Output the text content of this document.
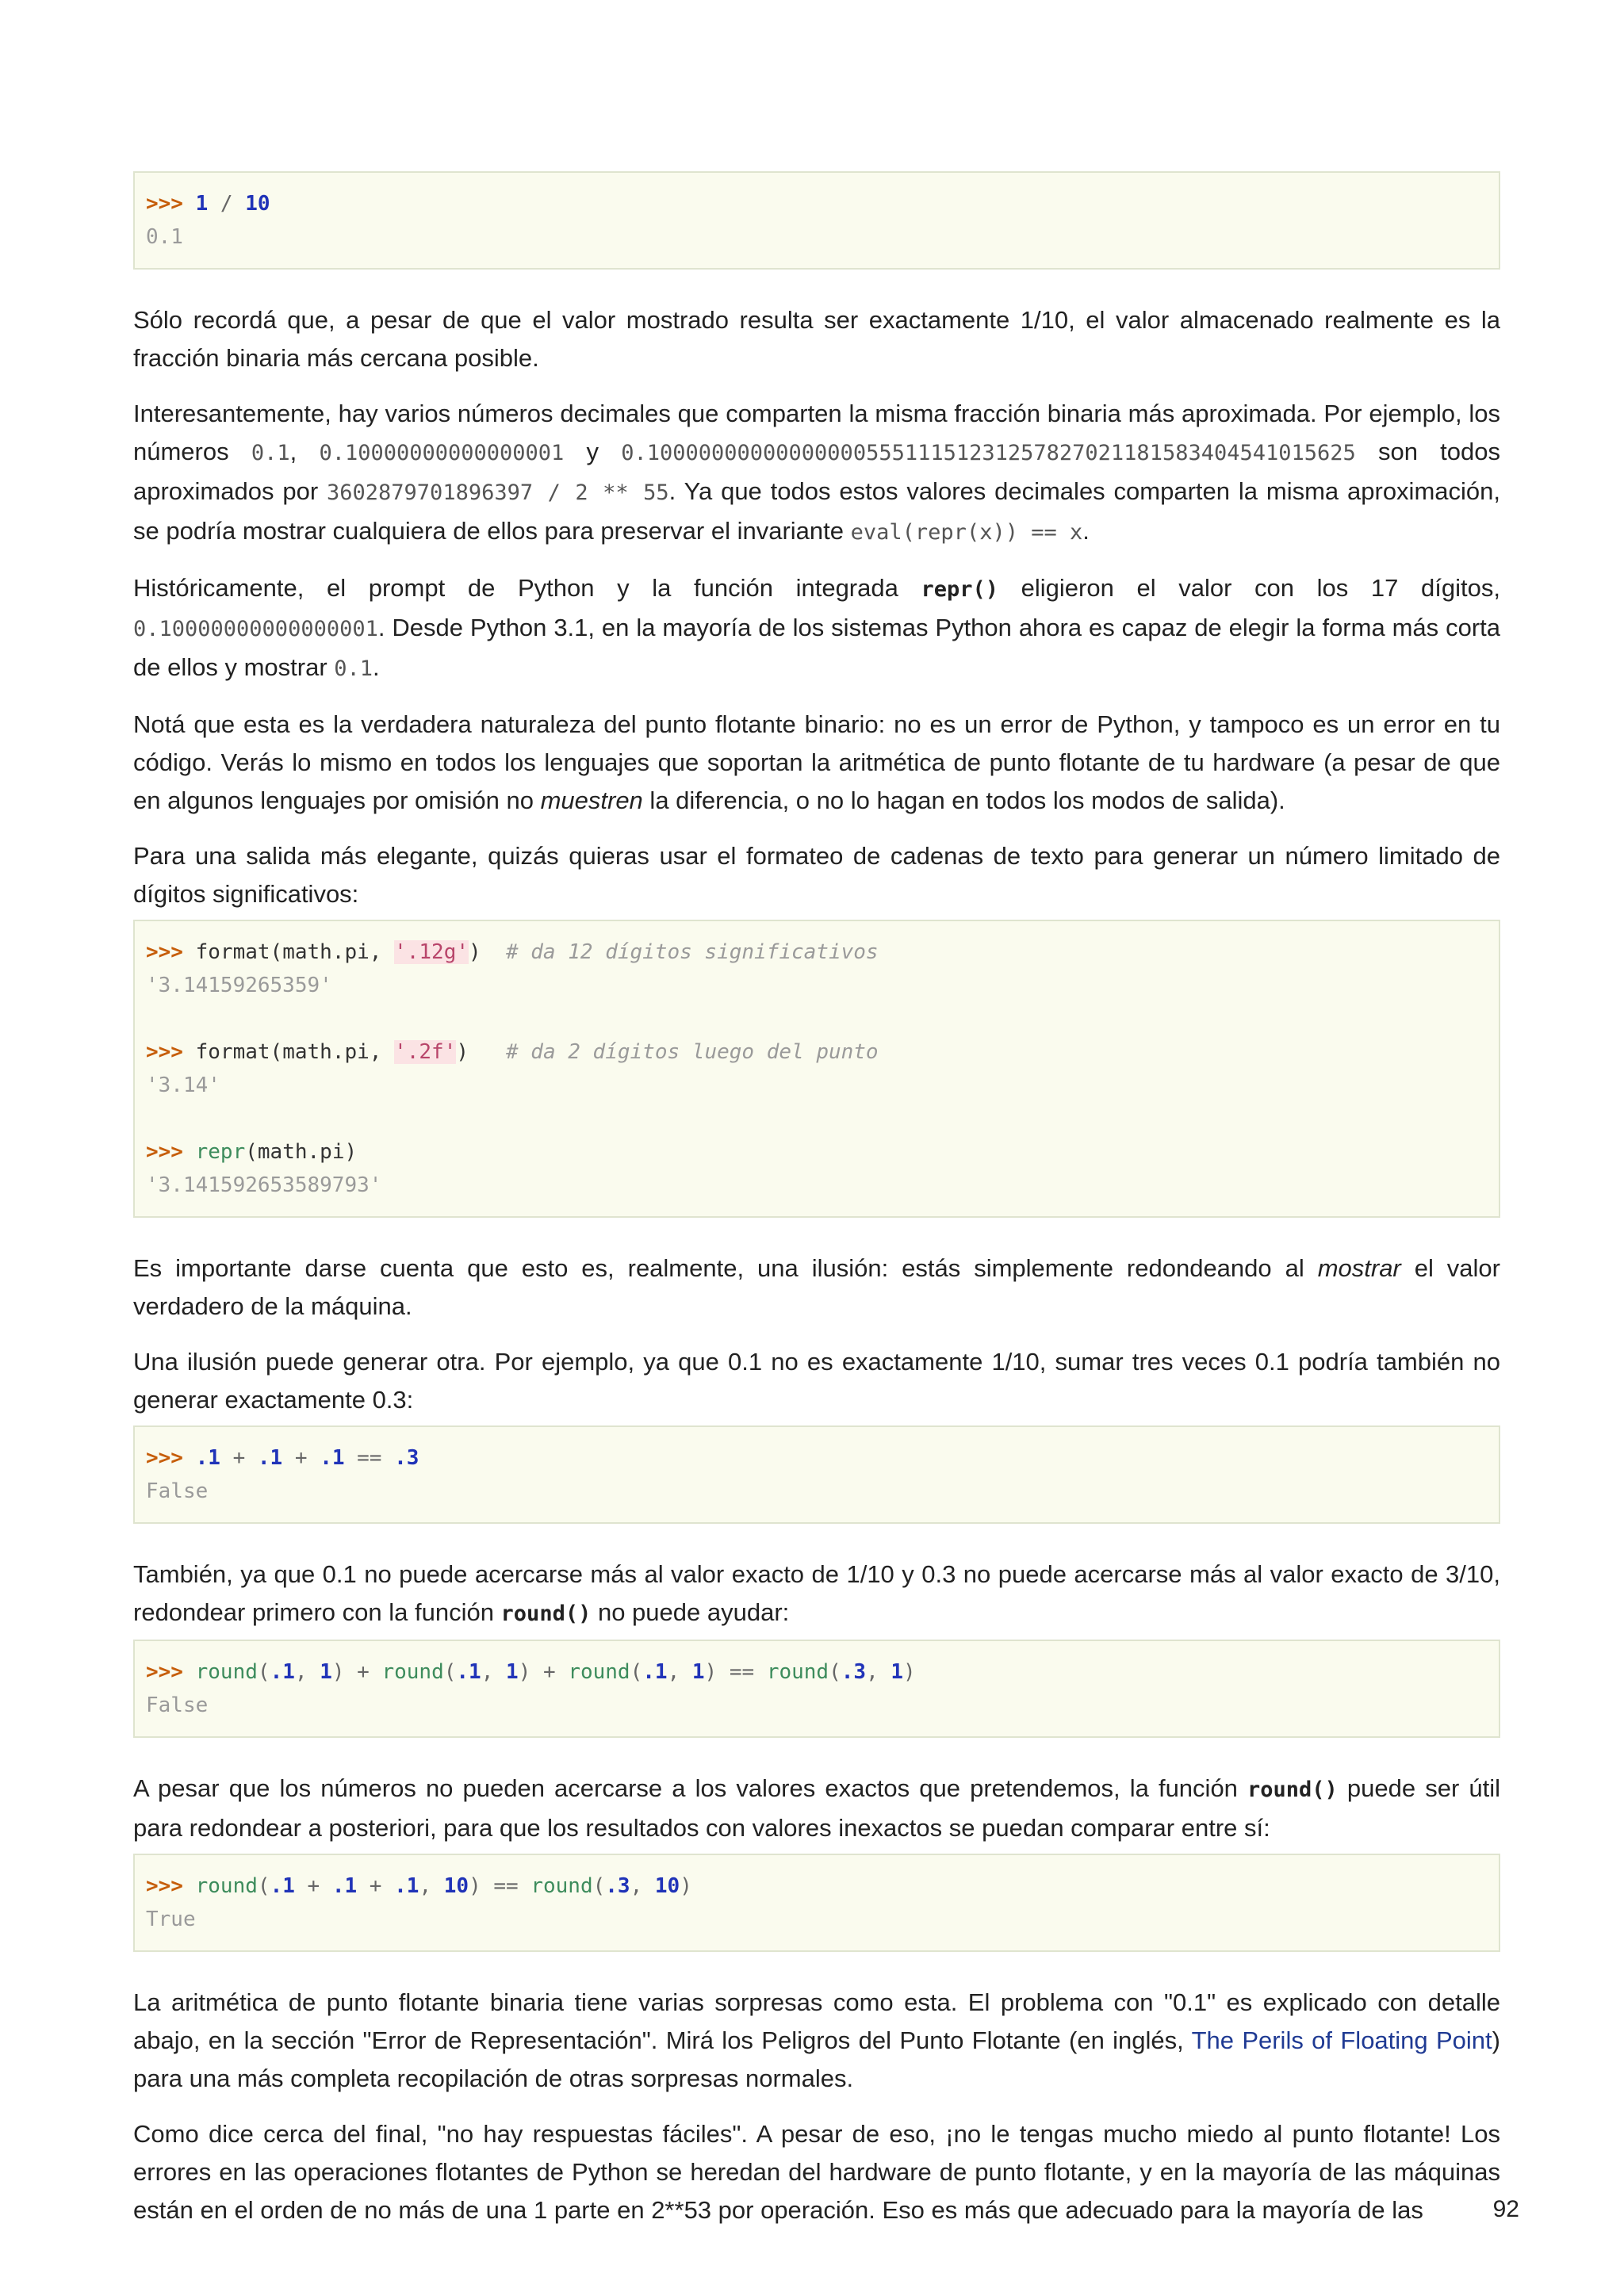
>>> 1 / 10
0.1

Sólo recordá que, a pesar de que el valor mostrado resulta ser exactamente 1/10, el valor almacenado realmente es la fracción binaria más cercana posible.

Interesantemente, hay varios números decimales que comparten la misma fracción binaria más aproximada. Por ejemplo, los números 0.1, 0.10000000000000001 y 0.1000000000000000055511151231257827021181583404541015625 son todos aproximados por 3602879701896397 / 2 ** 55. Ya que todos estos valores decimales comparten la misma aproximación, se podría mostrar cualquiera de ellos para preservar el invariante eval(repr(x)) == x.

Históricamente, el prompt de Python y la función integrada repr() eligieron el valor con los 17 dígitos, 0.10000000000000001. Desde Python 3.1, en la mayoría de los sistemas Python ahora es capaz de elegir la forma más corta de ellos y mostrar 0.1.

Notá que esta es la verdadera naturaleza del punto flotante binario: no es un error de Python, y tampoco es un error en tu código. Verás lo mismo en todos los lenguajes que soportan la aritmética de punto flotante de tu hardware (a pesar de que en algunos lenguajes por omisión no muestren la diferencia, o no lo hagan en todos los modos de salida).

Para una salida más elegante, quizás quieras usar el formateo de cadenas de texto para generar un número limitado de dígitos significativos:

>>> format(math.pi, '.12g') # da 12 dígitos significativos
'3.14159265359'

>>> format(math.pi, '.2f') # da 2 dígitos luego del punto
'3.14'

>>> repr(math.pi)
'3.141592653589793'

Es importante darse cuenta que esto es, realmente, una ilusión: estás simplemente redondeando al mostrar el valor verdadero de la máquina.

Una ilusión puede generar otra. Por ejemplo, ya que 0.1 no es exactamente 1/10, sumar tres veces 0.1 podría también no generar exactamente 0.3:

>>> .1 + .1 + .1 == .3
False

También, ya que 0.1 no puede acercarse más al valor exacto de 1/10 y 0.3 no puede acercarse más al valor exacto de 3/10, redondear primero con la función round() no puede ayudar:

>>> round(.1, 1) + round(.1, 1) + round(.1, 1) == round(.3, 1)
False

A pesar que los números no pueden acercarse a los valores exactos que pretendemos, la función round() puede ser útil para redondear a posteriori, para que los resultados con valores inexactos se puedan comparar entre sí:

>>> round(.1 + .1 + .1, 10) == round(.3, 10)
True

La aritmética de punto flotante binaria tiene varias sorpresas como esta. El problema con "0.1" es explicado con detalle abajo, en la sección "Error de Representación". Mirá los Peligros del Punto Flotante (en inglés, The Perils of Floating Point) para una más completa recopilación de otras sorpresas normales.

Como dice cerca del final, "no hay respuestas fáciles". A pesar de eso, ¡no le tengas mucho miedo al punto flotante! Los errores en las operaciones flotantes de Python se heredan del hardware de punto flotante, y en la mayoría de las máquinas están en el orden de no más de una 1 parte en 2**53 por operación. Eso es más que adecuado para la mayoría de las	92
